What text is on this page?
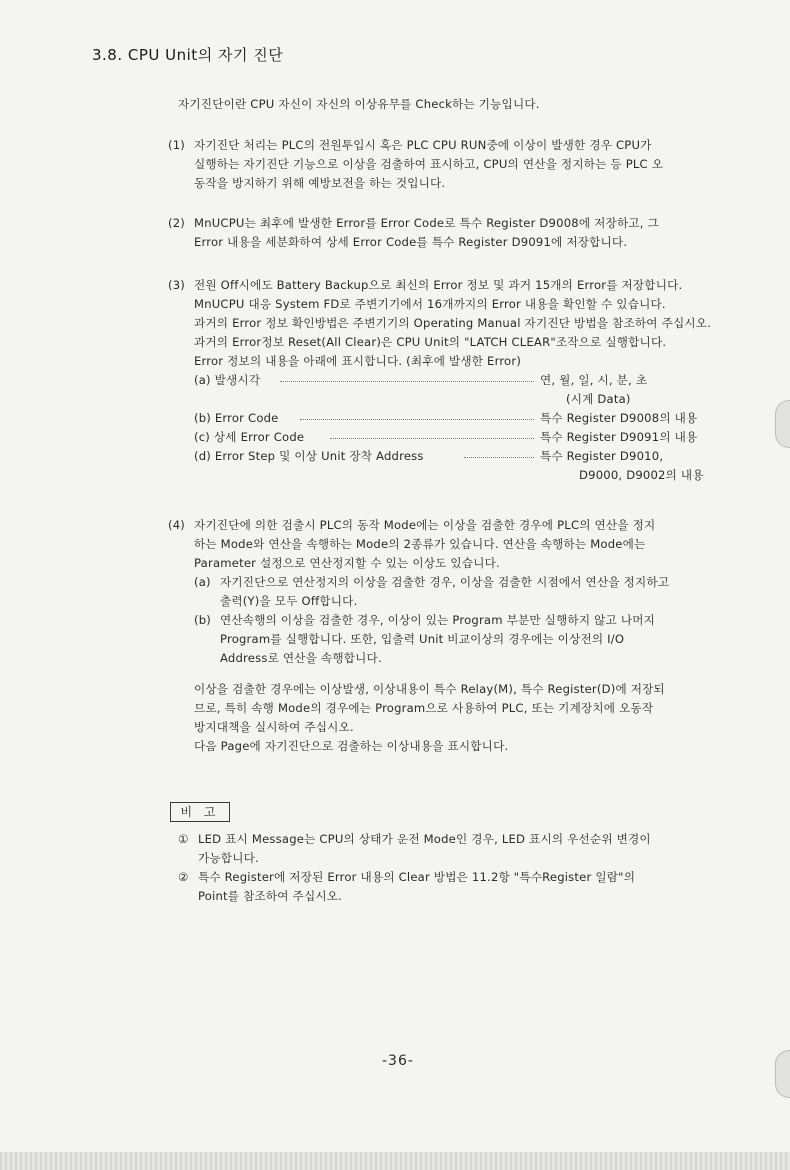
3.8. CPU Unit의 자기 진단
자기진단이란 CPU 자신이 자신의 이상유무를 Check하는 기능입니다.
(1) 자기진단 처리는 PLC의 전원투입시 혹은 PLC CPU RUN중에 이상이 발생한 경우 CPU가
실행하는 자기진단 기능으로 이상을 검출하여 표시하고, CPU의 연산을 정지하는 등 PLC 오
동작을 방지하기 위해 예방보전을 하는 것입니다.
(2) MnUCPU는 최후에 발생한 Error를 Error Code로 특수 Register D9008에 저장하고, 그
Error 내용을 세분화하여 상세 Error Code를 특수 Register D9091에 저장합니다.
(3) 전원 Off시에도 Battery Backup으로 최신의 Error 정보 및 과거 15개의 Error를 저장합니다.
MnUCPU 대응 System FD로 주변기기에서 16개까지의 Error 내용을 확인할 수 있습니다.
과거의 Error 정보 확인방법은 주변기기의 Operating Manual 자기진단 방법을 참조하여 주십시오.
과거의 Error정보 Reset(All Clear)은 CPU Unit의 "LATCH CLEAR"조작으로 실행합니다.
Error 정보의 내용을 아래에 표시합니다. (최후에 발생한 Error)
(a) 발생시각	연, 월, 일, 시, 분, 초
(시계 Data)
(b) Error Code	특수 Register D9008의 내용
(c) 상세 Error Code	특수 Register D9091의 내용
(d) Error Step 및 이상 Unit 장착 Address	특수 Register D9010,
D9000, D9002의 내용
(4) 자기진단에 의한 검출시 PLC의 동작 Mode에는 이상을 검출한 경우에 PLC의 연산을 정지
하는 Mode와 연산을 속행하는 Mode의 2종류가 있습니다. 연산을 속행하는 Mode에는
Parameter 설정으로 연산정지할 수 있는 이상도 있습니다.
(a) 자기진단으로 연산정지의 이상을 검출한 경우, 이상을 검출한 시점에서 연산을 정지하고
출력(Y)을 모두 Off합니다.
(b) 연산속행의 이상을 검출한 경우, 이상이 있는 Program 부분만 실행하지 않고 나머지
Program를 실행합니다. 또한, 입출력 Unit 비교이상의 경우에는 이상전의 I/O
Address로 연산을 속행합니다.
이상을 검출한 경우에는 이상발생, 이상내용이 특수 Relay(M), 특수 Register(D)에 저장되
므로, 특히 속행 Mode의 경우에는 Program으로 사용하여 PLC, 또는 기계장치에 오동작
방지대책을 실시하여 주십시오.
다음 Page에 자기진단으로 검출하는 이상내용을 표시합니다.
비 고
① LED 표시 Message는 CPU의 상태가 운전 Mode인 경우, LED 표시의 우선순위 변경이
가능합니다.
② 특수 Register에 저장된 Error 내용의 Clear 방법은 11.2항 "특수Register 일람"의
Point를 참조하여 주십시오.
-36-
